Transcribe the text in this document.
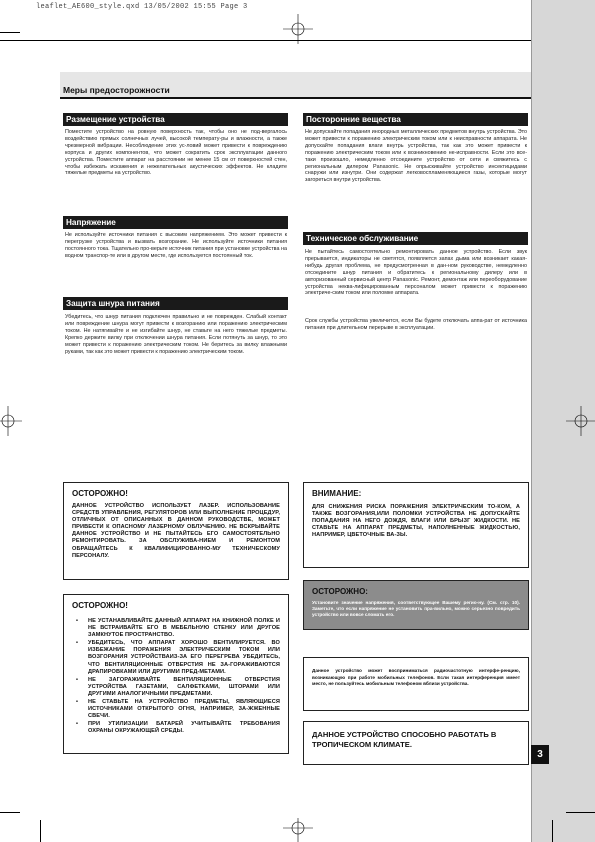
leaflet_AE600_style.qxd 13/05/2002 15:55 Page 3
Меры предосторожности
Размещение устройства
Поместите устройство на ровную поверхность так, чтобы оно не под-вергалось воздействию прямых солнечных лучей, высокой температу-ры и влажности, а также чрезмерной вибрации. Несоблюдение этих ус-ловий может привести к повреждению корпуса и других компонентов, что может сократить срок эксплуатации данного устройства. Поместите аппарат на расстоянии не менее 15 см от поверхностей стен, чтобы избежать искажения и нежелательных акустических эффектов. Не кладите тяжелые предметы на устройство.
Напряжение
Не используйте источники питания с высоким напряжением. Это может привести к перегрузке устройства и вызвать возгорание. Не используйте источники питания постоянного тока. Тщательно про-верьте источник питания при установке устройства на водном транспор-те или в другом месте, где используется постоянный ток.
Защита шнура питания
Убедитесь, что шнур питания подключен правильно и не поврежден. Слабый контакт или повреждение шнура могут привести к возгоранию или поражению электрическим током. Не натягивайте и не изгибайте шнур, не ставьте на него тяжелые предметы. Крепко держите вилку при отключении шнура питания. Если потянуть за шнур, то это может привести к поражению электрическим током. Не беритесь за вилку влажными руками, так как это может привести к поражению электрическим током.
Посторонние вещества
Не допускайте попадания инородных металлических предметов внутрь устройства. Это может привести к поражению электрическим током или к неисправности аппарата. Не допускайте попадания влаги внутрь устройства, так как это может привести к поражению электрическим током или к возникновению не-исправности. Если это все-таки произошло, немедленно отсоедините устройство от сети и свяжитесь с региональным дилером Panasonic. Не опрыскивайте устройство инсектицидами снаружи или изнутри. Они содержат легковоспламеняющиеся газы, которые могут загореться внутри устройства.
Техническое обслуживание
Не пытайтесь самостоятельно ремонтировать данное устройство. Если звук прерывается, индикаторы не светятся, появляется запах дыма или возникает какая-нибудь другая проблема, не предусмотренная в дан-ном руководстве, немедленно отсоедините шнур питания и обратитесь к региональному дилеру или в авторизованный сервисный центр Panasonic. Ремонт, демонтаж или переоборудование устройства неква-лифицированным персоналом может привести к поражению электриче-ским током или поломке аппарата.
Срок службы устройства увеличится, если Вы будете отключать аппа-рат от источника питания при длительном перерыве в эксплуатации.
ОСТОРОЖНО!
ДАННОЕ УСТРОЙСТВО ИСПОЛЬЗУЕТ ЛАЗЕР. ИСПОЛЬЗОВАНИЕ СРЕДСТВ УПРАВЛЕНИЯ, РЕГУЛЯТОРОВ ИЛИ ВЫПОЛНЕНИЕ ПРОЦЕДУР, ОТЛИЧНЫХ ОТ ОПИСАННЫХ В ДАННОМ РУКОВОДСТВЕ, МОЖЕТ ПРИВЕСТИ К ОПАСНОМУ ЛАЗЕРНОМУ ОБЛУЧЕНИЮ. НЕ ВСКРЫВАЙТЕ ДАННОЕ УСТРОЙСТВО И НЕ ПЫТАЙТЕСЬ ЕГО САМОСТОЯТЕЛЬНО РЕМОНТИРОВАТЬ. ЗА ОБСЛУЖИВА-НИЕМ И РЕМОНТОМ ОБРАЩАЙТЕСЬ К КВАЛИФИЦИРОВАННО-МУ ТЕХНИЧЕСКОМУ ПЕРСОНАЛУ.
ОСТОРОЖНО!
• НЕ УСТАНАВЛИВАЙТЕ ДАННЫЙ АППАРАТ НА КНИЖНОЙ ПОЛКЕ И НЕ ВСТРАИВАЙТЕ ЕГО В МЕБЕЛЬНУЮ СТЕНКУ ИЛИ ДРУГОЕ ЗАМКНУТОЕ ПРОСТРАНСТВО.
• УБЕДИТЕСЬ, ЧТО АППАРАТ ХОРОШО ВЕНТИЛИРУЕТСЯ. ВО ИЗБЕЖАНИЕ ПОРАЖЕНИЯ ЭЛЕКТРИЧЕСКИМ ТОКОМ ИЛИ ВОЗГОРАНИЯ УСТРОЙСТВАИЗ-ЗА ЕГО ПЕРЕГРЕВА УБЕДИТЕСЬ, ЧТО ВЕНТИЛЯЦИОННЫЕ ОТВЕРСТИЯ НЕ ЗА-ГОРАЖИВАЮТСЯ ДРАПИРОВКАМИ ИЛИ ДРУГИМИ ПРЕД-МЕТАМИ.
• НЕ ЗАГОРАЖИВАЙТЕ ВЕНТИЛЯЦИОННЫЕ ОТВЕРСТИЯ УСТРОЙСТВА ГАЗЕТАМИ, САЛФЕТКАМИ, ШТОРАМИ ИЛИ ДРУГИМИ АНАЛОГИЧНЫМИ ПРЕДМЕТАМИ.
• НЕ СТАВЬТЕ НА УСТРОЙСТВО ПРЕДМЕТЫ, ЯВЛЯЮЩИЕСЯ ИСТОЧНИКАМИ ОТКРЫТОГО ОГНЯ, НАПРИМЕР, ЗА-ЖЖЕННЫЕ СВЕЧИ.
• ПРИ УТИЛИЗАЦИИ БАТАРЕЙ УЧИТЫВАЙТЕ ТРЕБОВАНИЯ ОХРАНЫ ОКРУЖАЮЩЕЙ СРЕДЫ.
ВНИМАНИЕ:
ДЛЯ СНИЖЕНИЯ РИСКА ПОРАЖЕНИЯ ЭЛЕКТРИЧЕСКИМ ТО-КОМ, А ТАКЖЕ ВОЗГОРАНИЯ,ИЛИ ПОЛОМКИ УСТРОЙСТВА НЕ ДОПУСКАЙТЕ ПОПАДАНИЯ НА НЕГО ДОЖДЯ, ВЛАГИ ИЛИ БРЫЗГ ЖИДКОСТИ. НЕ СТАВЬТЕ НА АППАРАТ ПРЕДМЕТЫ, НАПОЛНЕННЫЕ ЖИДКОСТЬЮ, НАПРИМЕР, ЦВЕТОЧНЫЕ ВА-ЗЫ.
ОСТОРОЖНО:
Установите значение напряжения, соответствующее Вашему регио-ну. (См. стр. 10). Заметьте, что если напряжение не установить пра-вильно, можно серьезно повредить устройство или вовсе сломать его.
Данное устройство может восприниматься радиочастотную интерфе-ренцию, возникающую при работе мобильных телефонов. Если такая интерференция имеет место, не пользуйтесь мобильным телефоном вблизи устройства.
ДАННОЕ УСТРОЙСТВО СПОСОБНО РАБОТАТЬ В ТРОПИЧЕСКОМ КЛИМАТЕ.
3
